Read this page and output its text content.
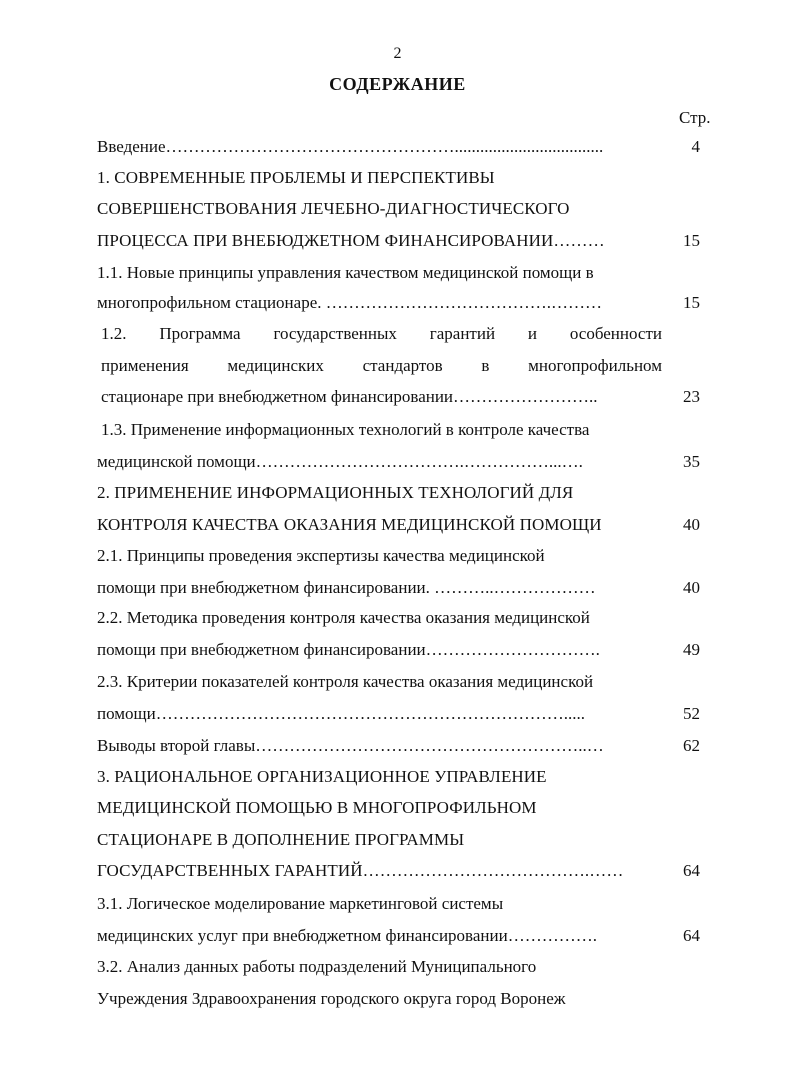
2
СОДЕРЖАНИЕ
Стр.
Введение……………………………………………...................................
1. СОВРЕМЕННЫЕ ПРОБЛЕМЫ И ПЕРСПЕКТИВЫ
СОВЕРШЕНСТВОВАНИЯ ЛЕЧЕБНО-ДИАГНОСТИЧЕСКОГО
ПРОЦЕССА ПРИ ВНЕБЮДЖЕТНОМ ФИНАНСИРОВАНИИ………
1.1. Новые принципы управления качеством медицинской помощи в
многопрофильном стационаре. ………………………………….………
1.2. Программа государственных гарантий и особенности
применения медицинских стандартов в многопрофильном
стационаре при внебюджетном финансировании……………………..
1.3. Применение информационных технологий в контроле качества
медицинской помощи……………………………….……………...….
2. ПРИМЕНЕНИЕ ИНФОРМАЦИОННЫХ ТЕХНОЛОГИЙ ДЛЯ
КОНТРОЛЯ КАЧЕСТВА ОКАЗАНИЯ МЕДИЦИНСКОЙ ПОМОЩИ
2.1. Принципы проведения экспертизы качества медицинской
помощи при внебюджетном финансировании. ………..………………
2.2. Методика проведения контроля качества оказания медицинской
помощи при внебюджетном финансировании………………………….
2.3. Критерии показателей контроля качества оказания медицинской
помощи……………………………………………………………….....
Выводы второй главы…………………………………………………..…
3. РАЦИОНАЛЬНОЕ ОРГАНИЗАЦИОННОЕ УПРАВЛЕНИЕ
МЕДИЦИНСКОЙ ПОМОЩЬЮ В МНОГОПРОФИЛЬНОМ
СТАЦИОНАРЕ В ДОПОЛНЕНИЕ ПРОГРАММЫ
ГОСУДАРСТВЕННЫХ ГАРАНТИЙ………………………………….……
3.1. Логическое моделирование маркетинговой системы
медицинских услуг при внебюджетном финансировании…………….
3.2. Анализ данных работы подразделений Муниципального
Учреждения Здравоохранения городского округа город Воронеж
4
15
15
23
35
40
40
49
52
62
64
64
